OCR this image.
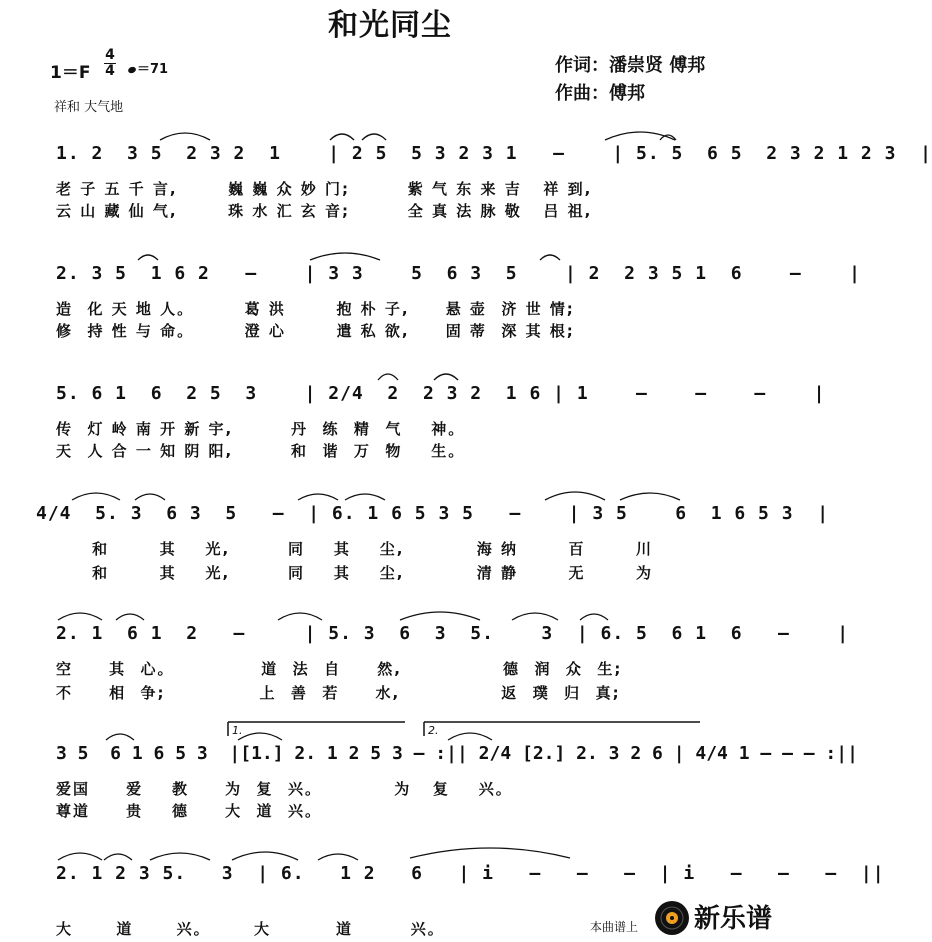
和光同尘
1＝F
4
4	＝71
祥和 大气地
作词：潘崇贤 傅邦
作曲：傅邦
1. 2  3 5  2 3 2  1    | 2 5  5 3 2 3 1   –    | 5. 5  6 5  2 3 2 1 2 3  |
老 子 五 千 言,       巍 巍 众 妙 门;        紫 气 东 来 吉   祥 到,
云 山 藏 仙 气,       珠 水 汇 玄 音;        全 真 法 脉 敬   吕 祖,
2. 3 5  1 6 2   –    | 3 3    5  6 3  5    | 2  2 3 5 1  6    –    |
造  化 天 地 人。       葛 洪       抱 朴 子,     悬 壶  济 世 情;
修  持 性 与 命。       澄 心       遣 私 欲,     固 蒂  深 其 根;
5. 6 1  6  2 5  3    | 2/4  2  2 3 2  1 6 | 1    –    –    –    |
传  灯 岭 南 开 新 宇,        丹  练  精  气    神。
天  人 合 一 知 阴 阳,        和  谐  万  物    生。
4/4  5. 3  6 3  5   –  | 6. 1 6 5 3 5   –    | 3 5    6  1 6 5 3  |
和       其    光,        同    其    尘,          海 纳       百       川
和       其    光,        同    其    尘,          清 静       无       为
2. 1  6 1  2   –     | 5. 3  6  3  5.    3  | 6. 5  6 1  6   –    |
空     其  心。            道  法  自     然,              德  润  众  生;
不     相  争;             上  善  若     水,              返  璞  归  真;
3 5  6 1 6 5 3  |[1.] 2. 1 2 5 3 – :|| 2/4 [2.] 2. 3 2 6 | 4/4 1 – – – :||
爱国     爱    教     为  复  兴。          为   复    兴。
尊道     贵    德     大  道  兴。
2. 1 2 3 5.   3  | 6.   1 2   6   | i   –   –   –  | i   –   –   –  ||
大      道      兴。      大         道        兴。
1.	2.
本曲谱上 新乐谱
